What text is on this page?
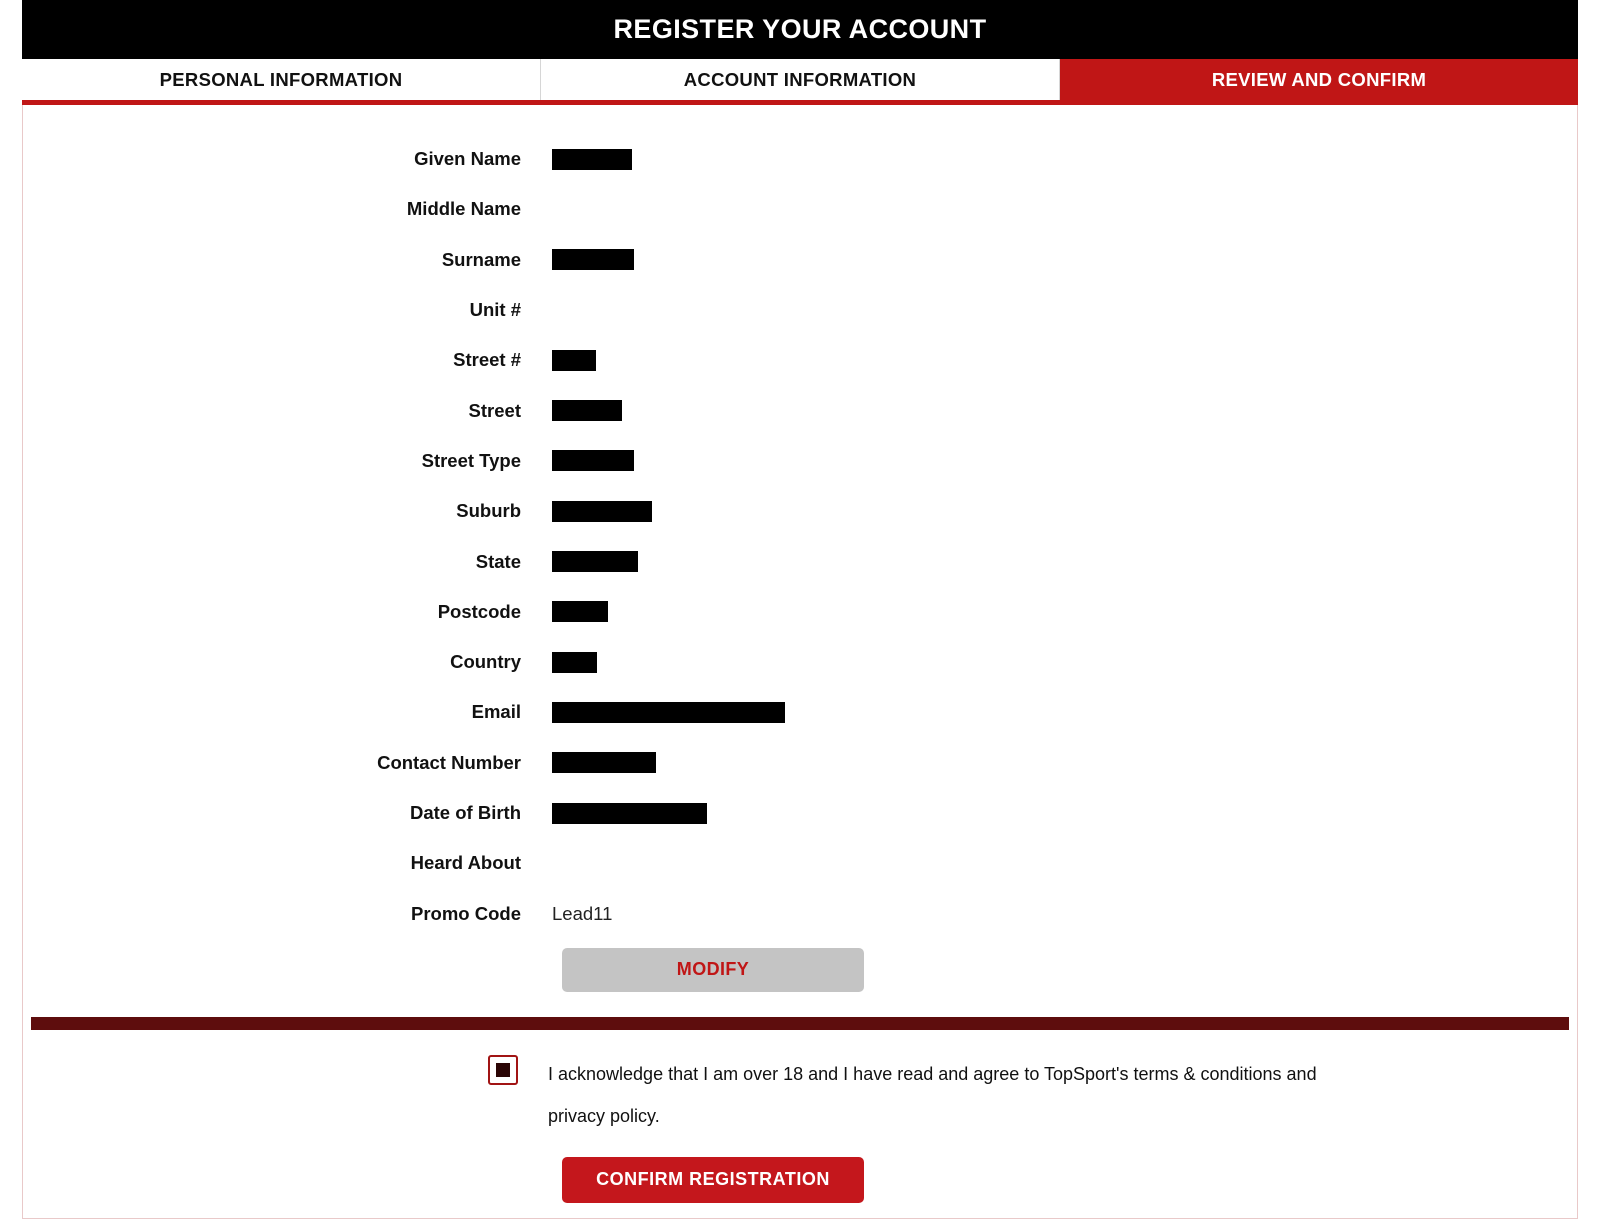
REGISTER YOUR ACCOUNT
PERSONAL INFORMATION	ACCOUNT INFORMATION	REVIEW AND CONFIRM
Given Name
Middle Name
Surname
Unit #
Street #
Street
Street Type
Suburb
State
Postcode
Country
Email
Contact Number
Date of Birth
Heard About
Promo Code Lead11
MODIFY
I acknowledge that I am over 18 and I have read and agree to TopSport's terms & conditions and privacy policy.
CONFIRM REGISTRATION
